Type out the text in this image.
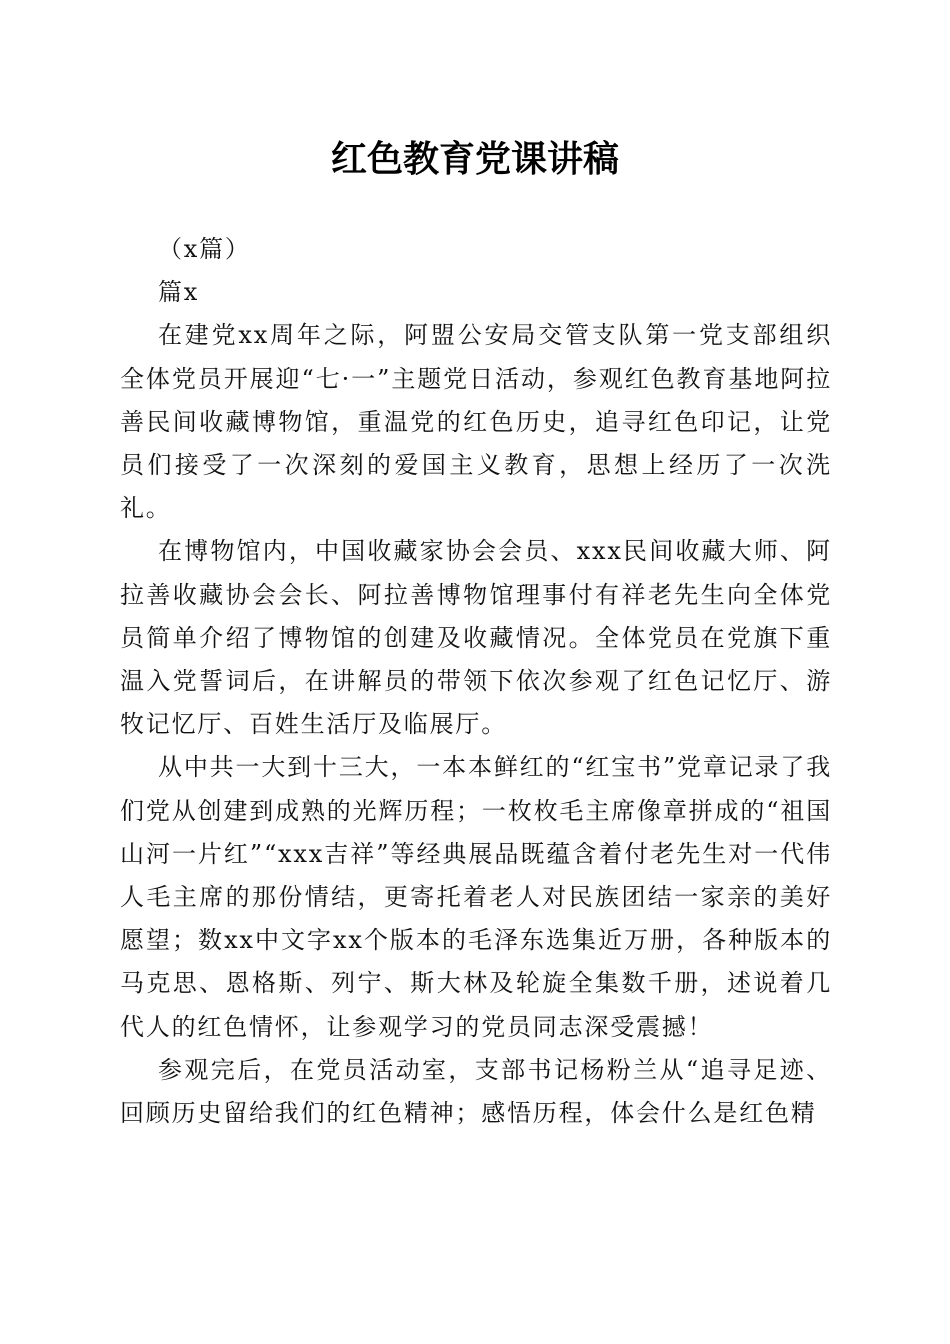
红色教育党课讲稿

（x篇）

篇x

在建党xx周年之际，阿盟公安局交管支队第一党支部组织全体党员开展迎“七·一”主题党日活动，参观红色教育基地阿拉善民间收藏博物馆，重温党的红色历史，追寻红色印记，让党员们接受了一次深刻的爱国主义教育，思想上经历了一次洗礼。

在博物馆内，中国收藏家协会会员、xxx民间收藏大师、阿拉善收藏协会会长、阿拉善博物馆理事付有祥老先生向全体党员简单介绍了博物馆的创建及收藏情况。全体党员在党旗下重温入党誓词后，在讲解员的带领下依次参观了红色记忆厅、游牧记忆厅、百姓生活厅及临展厅。

从中共一大到十三大，一本本鲜红的“红宝书”党章记录了我们党从创建到成熟的光辉历程；一枚枚毛主席像章拼成的“祖国山河一片红”“xxx吉祥”等经典展品既蕴含着付老先生对一代伟人毛主席的那份情结，更寄托着老人对民族团结一家亲的美好愿望；数xx中文字xx个版本的毛泽东选集近万册，各种版本的马克思、恩格斯、列宁、斯大林及轮旋全集数千册，述说着几代人的红色情怀，让参观学习的党员同志深受震撼！

参观完后，在党员活动室，支部书记杨粉兰从“追寻足迹、回顾历史留给我们的红色精神；感悟历程，体会什么是红色精
